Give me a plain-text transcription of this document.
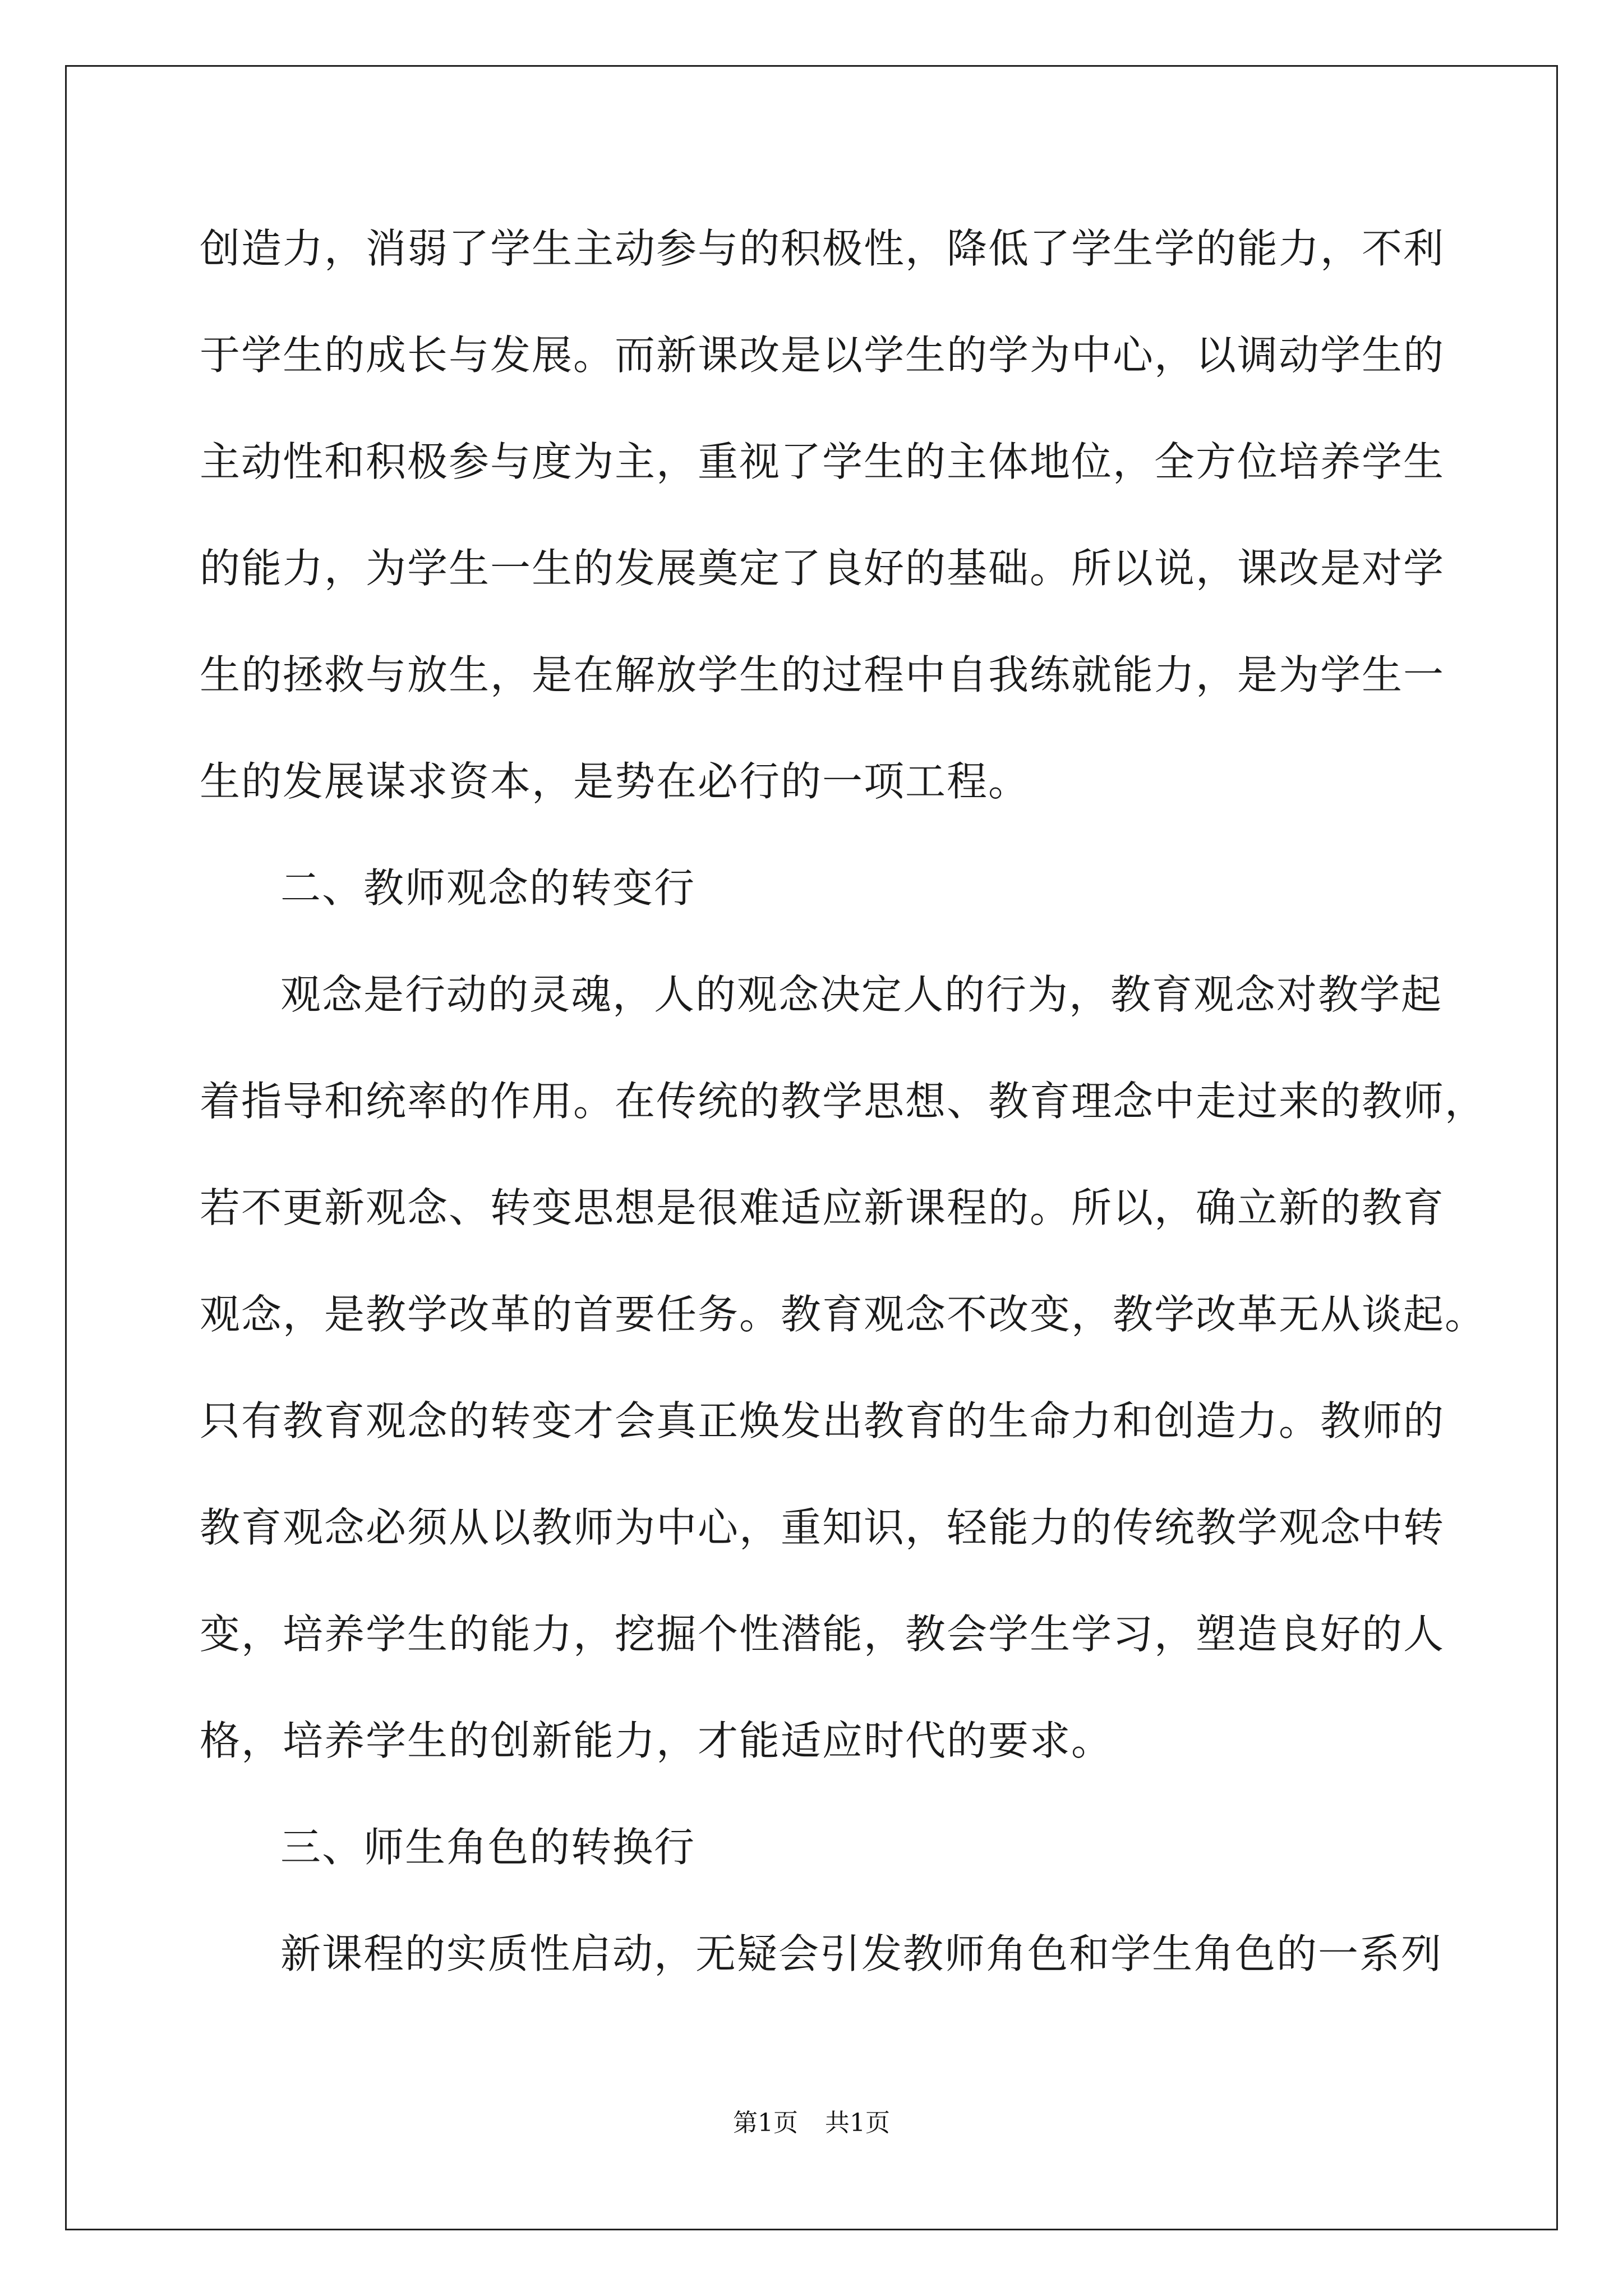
创造力，消弱了学生主动参与的积极性，降低了学生学的能力，不利
于学生的成长与发展。而新课改是以学生的学为中心，以调动学生的
主动性和积极参与度为主，重视了学生的主体地位，全方位培养学生
的能力，为学生一生的发展奠定了良好的基础。所以说，课改是对学
生的拯救与放生，是在解放学生的过程中自我练就能力，是为学生一
生的发展谋求资本，是势在必行的一项工程。
二、教师观念的转变行
观念是行动的灵魂，人的观念决定人的行为，教育观念对教学起
着指导和统率的作用。在传统的教学思想、教育理念中走过来的教师，
若不更新观念、转变思想是很难适应新课程的。所以，确立新的教育
观念，是教学改革的首要任务。教育观念不改变，教学改革无从谈起。
只有教育观念的转变才会真正焕发出教育的生命力和创造力。教师的
教育观念必须从以教师为中心，重知识，轻能力的传统教学观念中转
变，培养学生的能力，挖掘个性潜能，教会学生学习，塑造良好的人
格，培养学生的创新能力，才能适应时代的要求。
三、师生角色的转换行
新课程的实质性启动，无疑会引发教师角色和学生角色的一系列
第1页 共1页
